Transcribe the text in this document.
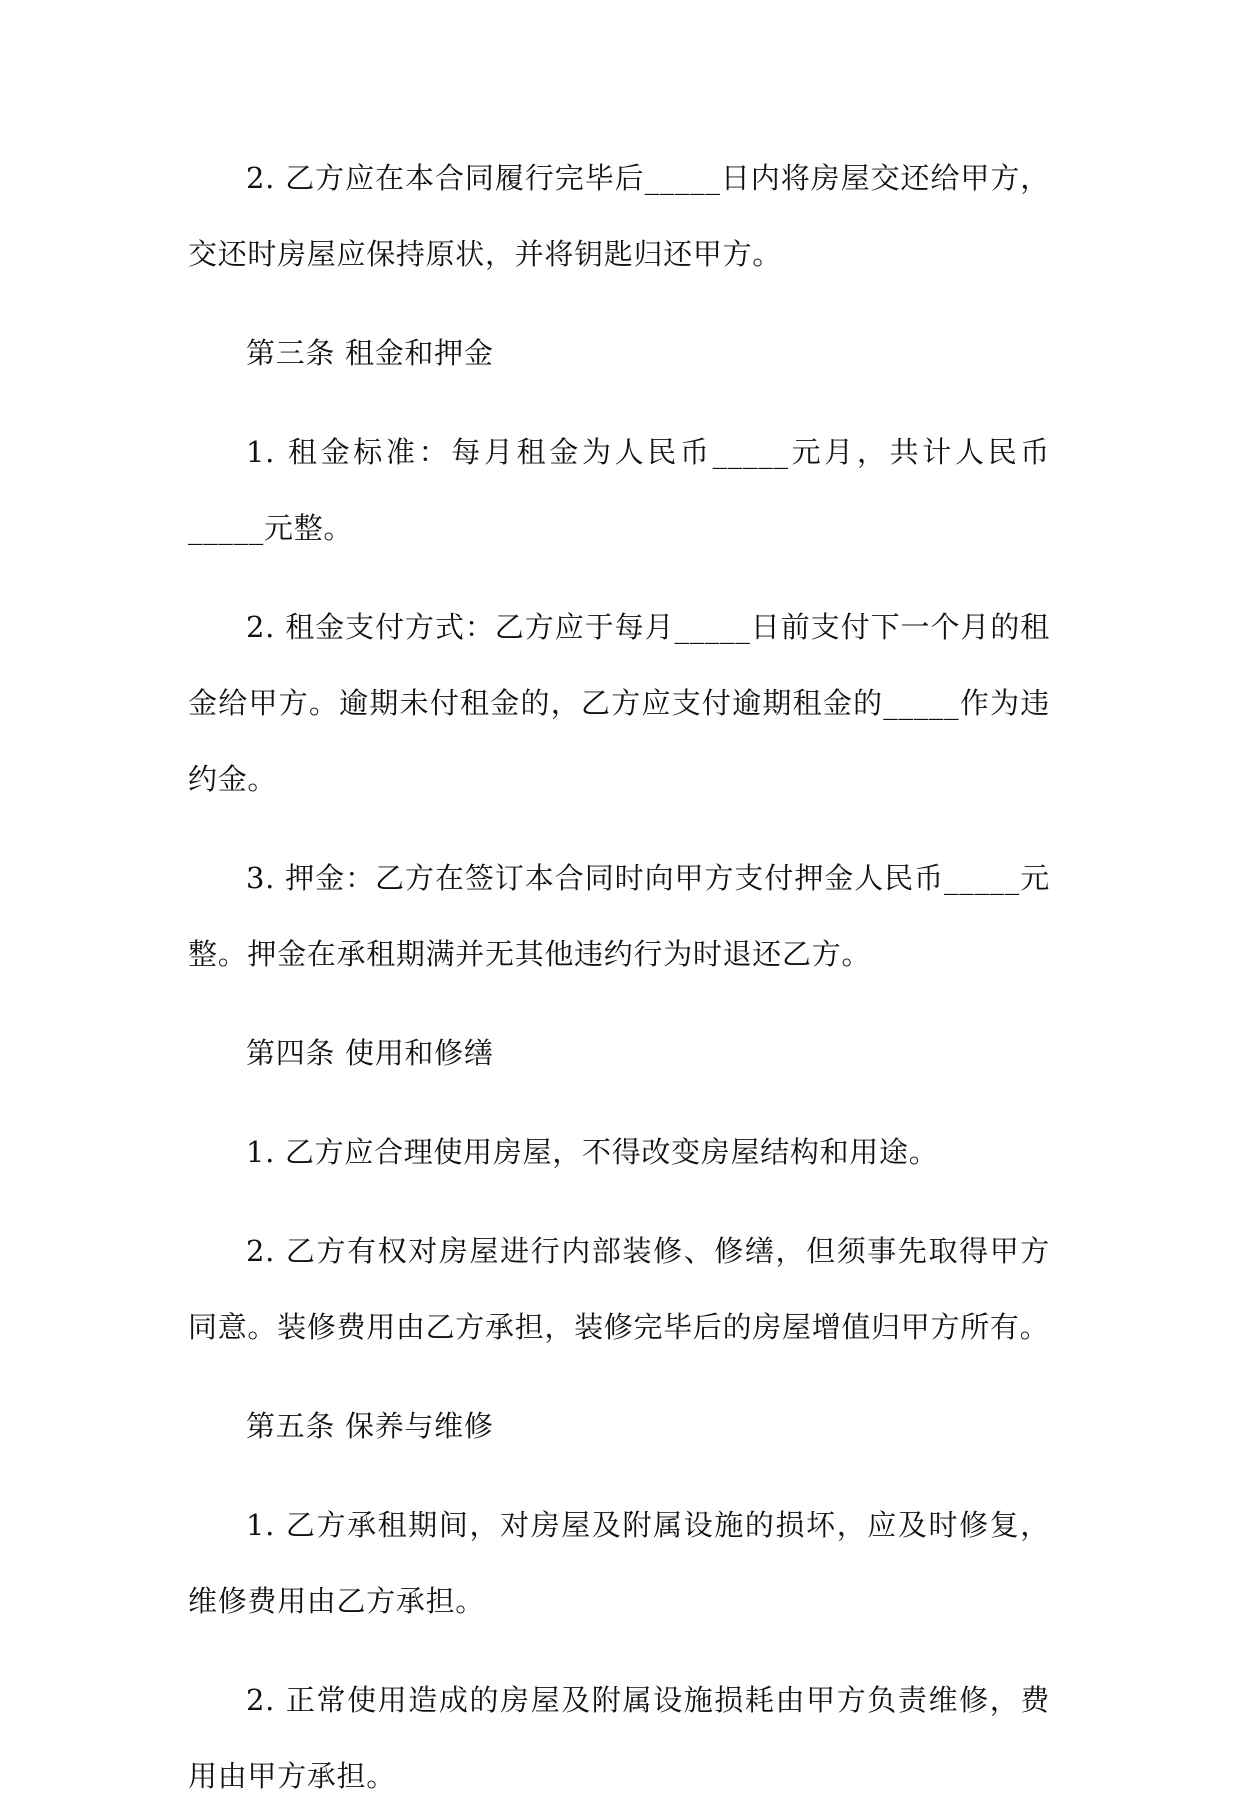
2. 乙方应在本合同履行完毕后_____日内将房屋交还给甲方，交还时房屋应保持原状，并将钥匙归还甲方。

第三条 租金和押金

1. 租金标准：每月租金为人民币_____元月，共计人民币_____元整。

2. 租金支付方式：乙方应于每月_____日前支付下一个月的租金给甲方。逾期未付租金的，乙方应支付逾期租金的_____作为违约金。

3. 押金：乙方在签订本合同时向甲方支付押金人民币_____元整。押金在承租期满并无其他违约行为时退还乙方。

第四条 使用和修缮

1. 乙方应合理使用房屋，不得改变房屋结构和用途。

2. 乙方有权对房屋进行内部装修、修缮，但须事先取得甲方同意。装修费用由乙方承担，装修完毕后的房屋增值归甲方所有。

第五条 保养与维修

1. 乙方承租期间，对房屋及附属设施的损坏，应及时修复，维修费用由乙方承担。

2. 正常使用造成的房屋及附属设施损耗由甲方负责维修，费用由甲方承担。
